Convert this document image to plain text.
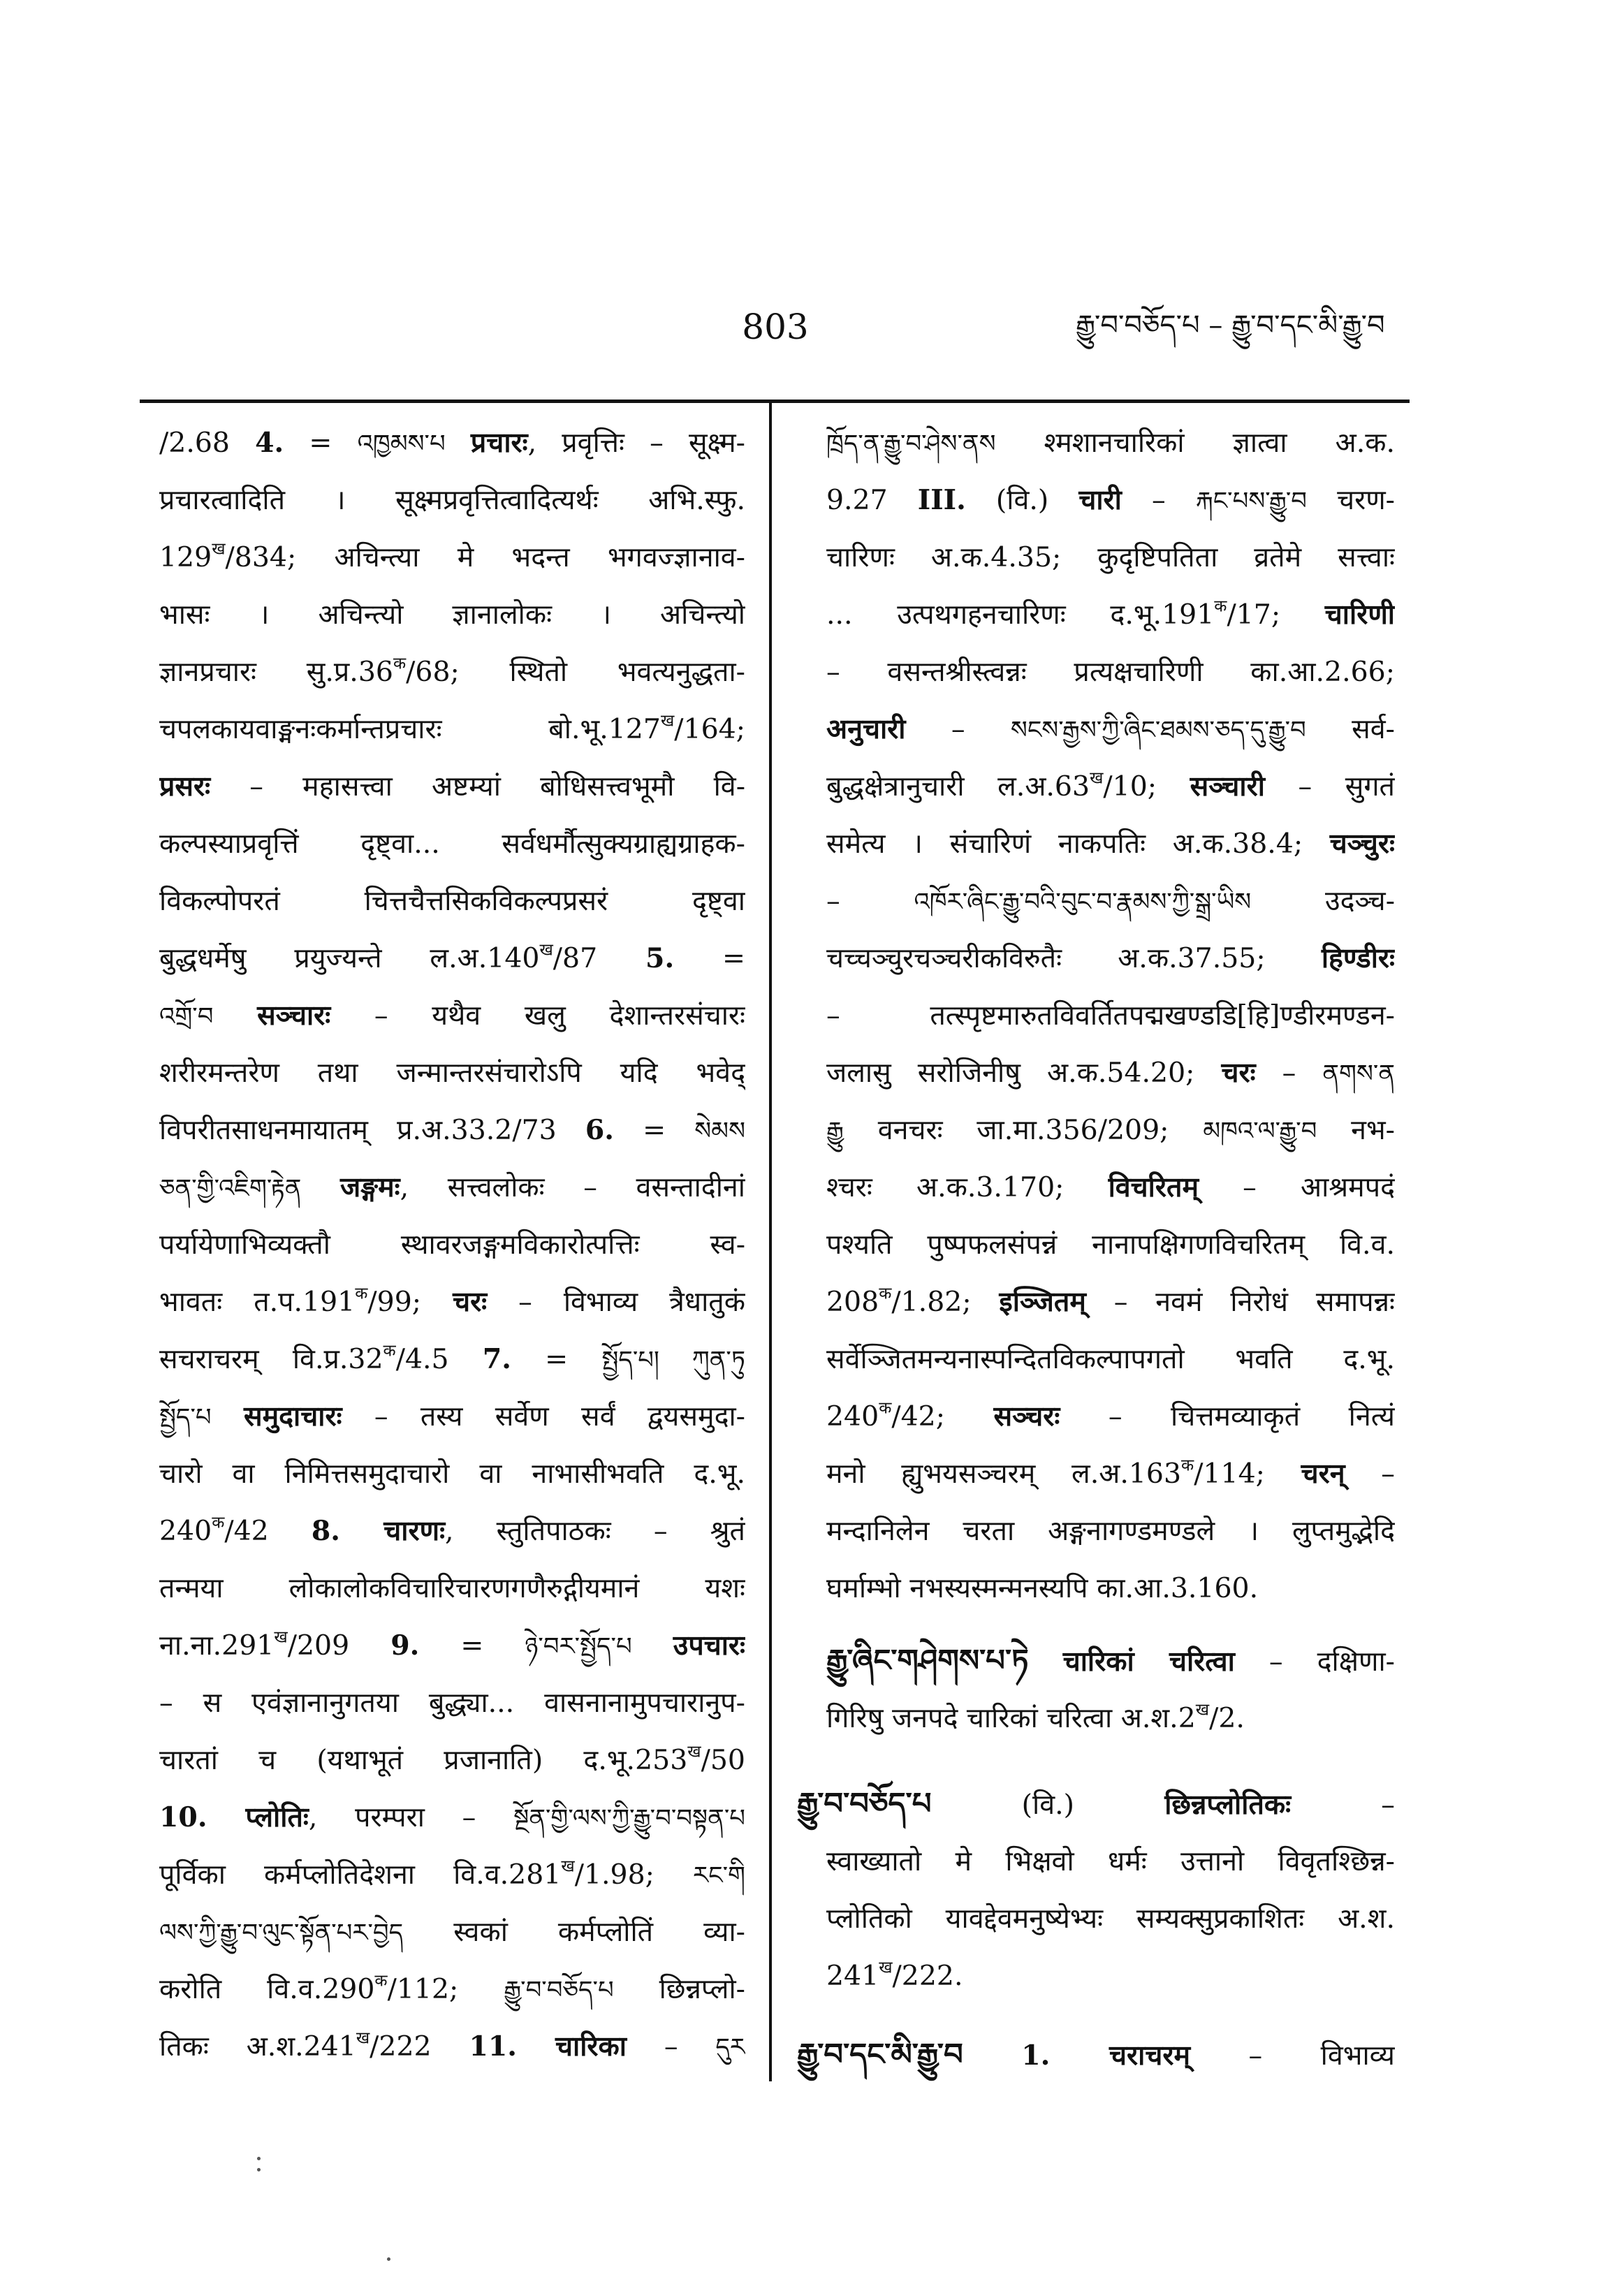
803	རྒྱུ་བ་བཅོད་པ – རྒྱུ་བ་དང་མི་རྒྱུ་བ
/2.68 4. = འཁྱམས་པ प्रचारः, प्रवृत्तिः – सूक्ष्म-
प्रचारत्वादिति । सूक्ष्मप्रवृत्तित्वादित्यर्थः अभि.स्फु.
$129^ख/834$; अचिन्त्या मे भदन्त भगवज्ज्ञानाव-
भासः । अचिन्त्यो ज्ञानालोकः । अचिन्त्यो
ज्ञानप्रचारः $सु.प्र.36^क/68$; स्थितो भवत्यनुद्धता-
चपलकायवाङ्मनःकर्मान्तप्रचारः $बो.भू.127^ख/164$;
प्रसरः – महासत्त्वा अष्टम्यां बोधिसत्त्वभूमौ वि-
कल्पस्याप्रवृत्तिं दृष्ट्वा... सर्वधर्मौत्सुक्यग्राह्यग्राहक-
विकल्पोपरतं चित्तचैत्तसिकविकल्पप्रसरं दृष्ट्वा
बुद्धधर्मेषु प्रयुज्यन्ते $ल.अ.140^ख/87$ 5. =
འགྲོ་བ सञ्चारः – यथैव खलु देशान्तरसंचारः
शरीरमन्तरेण तथा जन्मान्तरसंचारोऽपि यदि भवेद्
विपरीतसाधनमायातम् प्र.अ.33.2/73 6. = སེམས
ཅན་གྱི་འཇིག་རྟེན जङ्गमः, सत्त्वलोकः – वसन्तादीनां
पर्यायेणाभिव्यक्तौ स्थावरजङ्गमविकारोत्पत्तिः स्व-
भावतः $त.प.191^क/99$; चरः – विभाव्य त्रैधातुकं
सचराचरम् $वि.प्र.32^क/4.5$ 7. = སྤྱོད་པ། ཀུན་ཏུ
སྤྱོད་པ समुदाचारः – तस्य सर्वेण सर्वं द्वयसमुदा-
चारो वा निमित्तसमुदाचारो वा नाभासीभवति द.भू.
$240^क/42$ 8. चारणः, स्तुतिपाठकः – श्रुतं
तन्मया लोकालोकविचारिचारणगणैरुद्गीयमानं यशः
$ना.ना.291^ख/209$ 9. = ཉེ་བར་སྤྱོད་པ उपचारः
– स एवंज्ञानानुगतया बुद्ध्या... वासनानामुपचारानुप-
चारतां च (यथाभूतं प्रजानाति) $द.भू.253^ख/50$
10. प्लोतिः, परम्परा – སྔོན་གྱི་ལས་ཀྱི་རྒྱུ་བ་བསྟན་པ
पूर्विका कर्मप्लोतिदेशना $वि.व.281^ख/1.98$; རང་གི
ལས་ཀྱི་རྒྱུ་བ་ལུང་སྟོན་པར་བྱེད स्वकां कर्मप्लोतिं व्या-
करोति $वि.व.290^क/112$; རྒྱུ་བ་བཅོད་པ छिन्नप्लो-
तिकः $अ.श.241^ख/222$ 11. चारिका – དུར
ཁྲོད་ན་རྒྱུ་བ་ཤེས་ནས श्मशानचारिकां ज्ञात्वा अ.क.
9.27 III. (वि.) चारी – རྐང་པས་རྒྱུ་བ चरण-
चारिणः अ.क.4.35; कुदृष्टिपतिता व्रतेमे सत्त्वाः
... उत्पथगहनचारिणः $द.भू.191^क/17$; चारिणी
– वसन्तश्रीस्त्वन्नः प्रत्यक्षचारिणी का.आ.2.66;
अनुचारी – སངས་རྒྱས་ཀྱི་ཞིང་ཐམས་ཅད་དུ་རྒྱུ་བ सर्व-
बुद्धक्षेत्रानुचारी $ल.अ.63^ख/10$; सञ्चारी – सुगतं
समेत्य । संचारिणं नाकपतिः अ.क.38.4; चञ्चुरः
– འཁོར་ཞིང་རྒྱུ་བའི་བུང་བ་རྣམས་ཀྱི་སྒྲ་ཡིས उदञ्च-
चच्चञ्चुरचञ्चरीकविरुतैः अ.क.37.55; हिण्डीरः
– तत्स्पृष्टमारुतविवर्तितपद्मखण्डडि[हि]ण्डीरमण्डन-
जलासु सरोजिनीषु अ.क.54.20; चरः – ནགས་ན
རྒྱུ वनचरः जा.मा.356/209; མཁའ་ལ་རྒྱུ་བ नभ-
श्चरः अ.क.3.170; विचरितम् – आश्रमपदं
पश्यति पुष्पफलसंपन्नं नानापक्षिगणविचरितम् वि.व.
$208^क/1.82$; इञ्जितम् – नवमं निरोधं समापन्नः
सर्वेञ्जितमन्यनास्पन्दितविकल्पापगतो भवति द.भू.
$240^क/42$; सञ्चरः – चित्तमव्याकृतं नित्यं
मनो ह्युभयसञ्चरम् $ल.अ.163^क/114$; चरन् –
मन्दानिलेन चरता अङ्गनागण्डमण्डले । लुप्तमुद्भेदि
घर्माम्भो नभस्यस्मन्मनस्यपि का.आ.3.160.
རྒྱུ་ཞིང་གཤེགས་པ་ཏེ चारिकां चरित्वा – दक्षिणा-
गिरिषु जनपदे चारिकां चरित्वा $अ.श.2^ख/2$.
རྒྱུ་བ་བཅོད་པ (वि.) छिन्नप्लोतिकः –
स्वाख्यातो मे भिक्षवो धर्मः उत्तानो विवृतश्छिन्न-
प्लोतिको यावद्देवमनुष्येभ्यः सम्यक्सुप्रकाशितः अ.श.
$241^ख/222$.
རྒྱུ་བ་དང་མི་རྒྱུ་བ 1. चराचरम् – विभाव्य
